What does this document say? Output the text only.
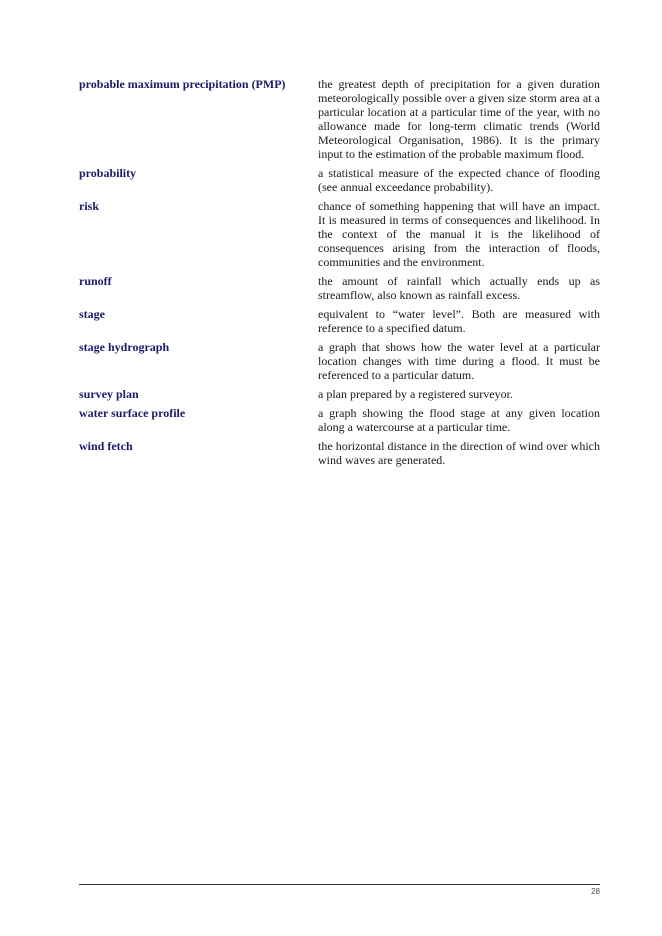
probable maximum precipitation (PMP)	the greatest depth of precipitation for a given duration meteorologically possible over a given size storm area at a particular location at a particular time of the year, with no allowance made for long-term climatic trends (World Meteorological Organisation, 1986). It is the primary input to the estimation of the probable maximum flood.
probability	a statistical measure of the expected chance of flooding (see annual exceedance probability).
risk	chance of something happening that will have an impact. It is measured in terms of consequences and likelihood. In the context of the manual it is the likelihood of consequences arising from the interaction of floods, communities and the environment.
runoff	the amount of rainfall which actually ends up as streamflow, also known as rainfall excess.
stage	equivalent to “water level”. Both are measured with reference to a specified datum.
stage hydrograph	a graph that shows how the water level at a particular location changes with time during a flood. It must be referenced to a particular datum.
survey plan	a plan prepared by a registered surveyor.
water surface profile	a graph showing the flood stage at any given location along a watercourse at a particular time.
wind fetch	the horizontal distance in the direction of wind over which wind waves are generated.
28
